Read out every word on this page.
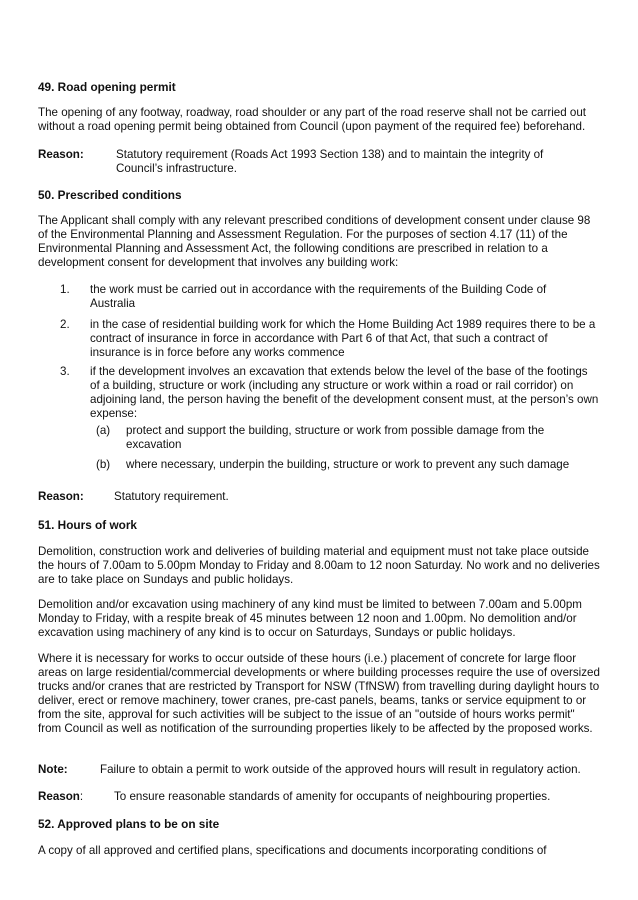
49. Road opening permit

The opening of any footway, roadway, road shoulder or any part of the road reserve shall not be carried out without a road opening permit being obtained from Council (upon payment of the required fee) beforehand.

Reason:	Statutory requirement (Roads Act 1993 Section 138) and to maintain the integrity of Council’s infrastructure.
50. Prescribed conditions

The Applicant shall comply with any relevant prescribed conditions of development consent under clause 98 of the Environmental Planning and Assessment Regulation. For the purposes of section 4.17 (11) of the Environmental Planning and Assessment Act, the following conditions are prescribed in relation to a development consent for development that involves any building work:

1. the work must be carried out in accordance with the requirements of the Building Code of Australia
2. in the case of residential building work for which the Home Building Act 1989 requires there to be a contract of insurance in force in accordance with Part 6 of that Act, that such a contract of insurance is in force before any works commence
3. if the development involves an excavation that extends below the level of the base of the footings of a building, structure or work (including any structure or work within a road or rail corridor) on adjoining land, the person having the benefit of the development consent must, at the person’s own expense:
(a) protect and support the building, structure or work from possible damage from the excavation
(b) where necessary, underpin the building, structure or work to prevent any such damage
Reason:	Statutory requirement.
51. Hours of work

Demolition, construction work and deliveries of building material and equipment must not take place outside the hours of 7.00am to 5.00pm Monday to Friday and 8.00am to 12 noon Saturday. No work and no deliveries are to take place on Sundays and public holidays.

Demolition and/or excavation using machinery of any kind must be limited to between 7.00am and 5.00pm Monday to Friday, with a respite break of 45 minutes between 12 noon and 1.00pm. No demolition and/or excavation using machinery of any kind is to occur on Saturdays, Sundays or public holidays.

Where it is necessary for works to occur outside of these hours (i.e.) placement of concrete for large floor areas on large residential/commercial developments or where building processes require the use of oversized trucks and/or cranes that are restricted by Transport for NSW (TfNSW) from travelling during daylight hours to deliver, erect or remove machinery, tower cranes, pre-cast panels, beams, tanks or service equipment to or from the site, approval for such activities will be subject to the issue of an "outside of hours works permit" from Council as well as notification of the surrounding properties likely to be affected by the proposed works.

Note:	Failure to obtain a permit to work outside of the approved hours will result in regulatory action.
Reason:	To ensure reasonable standards of amenity for occupants of neighbouring properties.
52. Approved plans to be on site

A copy of all approved and certified plans, specifications and documents incorporating conditions of
